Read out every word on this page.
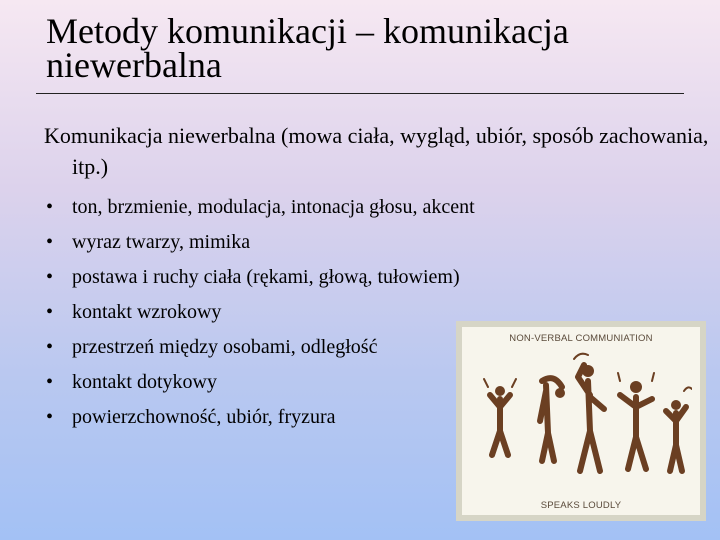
Metody komunikacji – komunikacja niewerbalna
Komunikacja niewerbalna (mowa ciała, wygląd, ubiór, sposób zachowania, itp.)
• ton, brzmienie, modulacja, intonacja głosu, akcent
• wyraz twarzy, mimika
• postawa i ruchy ciała (rękami, głową, tułowiem)
• kontakt wzrokowy
• przestrzeń między osobami, odległość
• kontakt dotykowy
• powierzchowność, ubiór, fryzura
NON-VERBAL COMMUNIATION
SPEAKS LOUDLY
